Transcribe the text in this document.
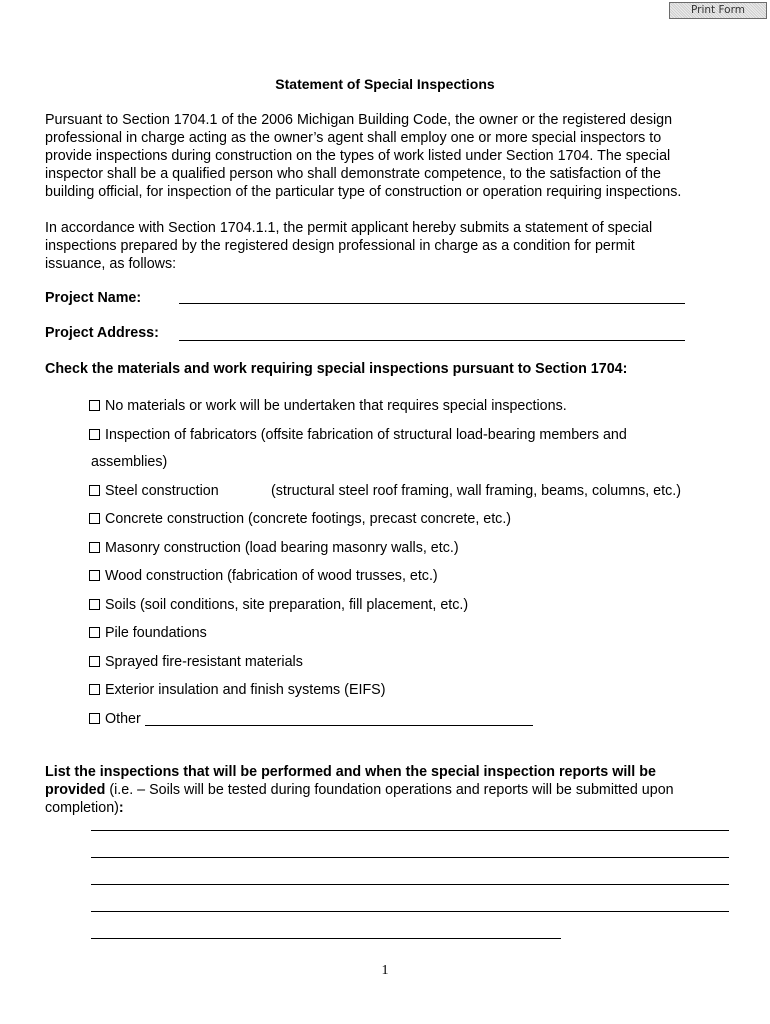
Print Form
Statement of Special Inspections
Pursuant to Section 1704.1 of the 2006 Michigan Building Code, the owner or the registered design
professional in charge acting as the owner’s agent shall employ one or more special inspectors to
provide inspections during construction on the types of work listed under Section 1704. The special
inspector shall be a qualified person who shall demonstrate competence, to the satisfaction of the
building official, for inspection of the particular type of construction or operation requiring inspections.
In accordance with Section 1704.1.1, the permit applicant hereby submits a statement of special
inspections prepared by the registered design professional in charge as a condition for permit
issuance, as follows:
Project Name:
Project Address:
Check the materials and work requiring special inspections pursuant to Section 1704:
No materials or work will be undertaken that requires special inspections.
Inspection of fabricators (offsite fabrication of structural load-bearing members and
assemblies)
Steel construction	(structural steel roof framing, wall framing, beams, columns, etc.)
Concrete construction (concrete footings, precast concrete, etc.)
Masonry construction (load bearing masonry walls, etc.)
Wood construction (fabrication of wood trusses, etc.)
Soils (soil conditions, site preparation, fill placement, etc.)
Pile foundations
Sprayed fire-resistant materials
Exterior insulation and finish systems (EIFS)
Other
List the inspections that will be performed and when the special inspection reports will be
provided (i.e. – Soils will be tested during foundation operations and reports will be submitted upon
completion):
1
